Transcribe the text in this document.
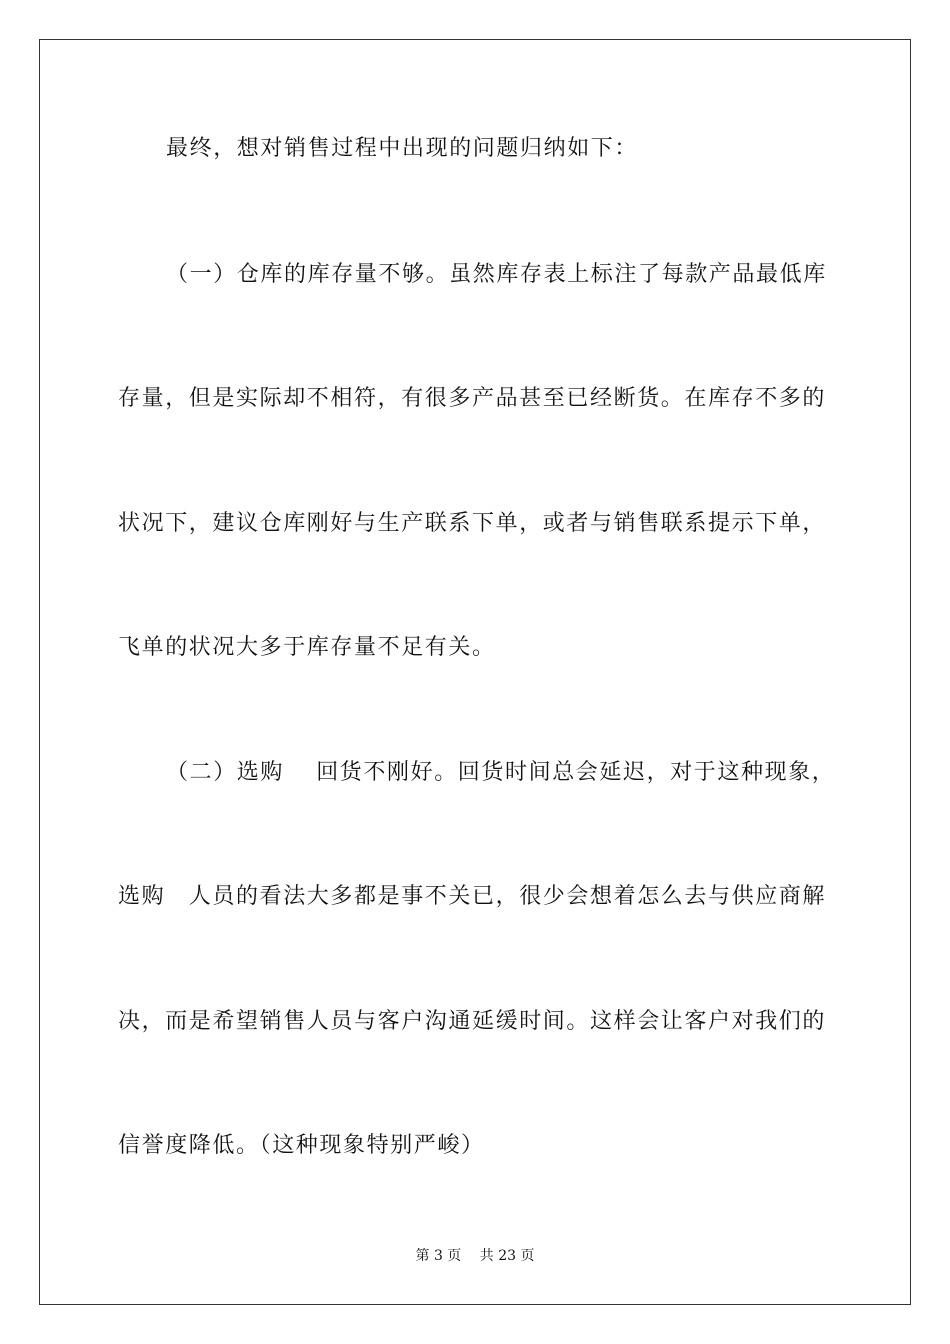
最终，想对销售过程中出现的问题归纳如下：
（一）仓库的库存量不够。虽然库存表上标注了每款产品最低库
存量，但是实际却不相符，有很多产品甚至已经断货。在库存不多的
状况下，建议仓库刚好与生产联系下单，或者与销售联系提示下单，
飞单的状况大多于库存量不足有关。
（二）选购　 回货不刚好。回货时间总会延迟，对于这种现象，
选购　人员的看法大多都是事不关已，很少会想着怎么去与供应商解
决，而是希望销售人员与客户沟通延缓时间。这样会让客户对我们的
信誉度降低。（这种现象特别严峻）
第 3 页　 共 23 页
